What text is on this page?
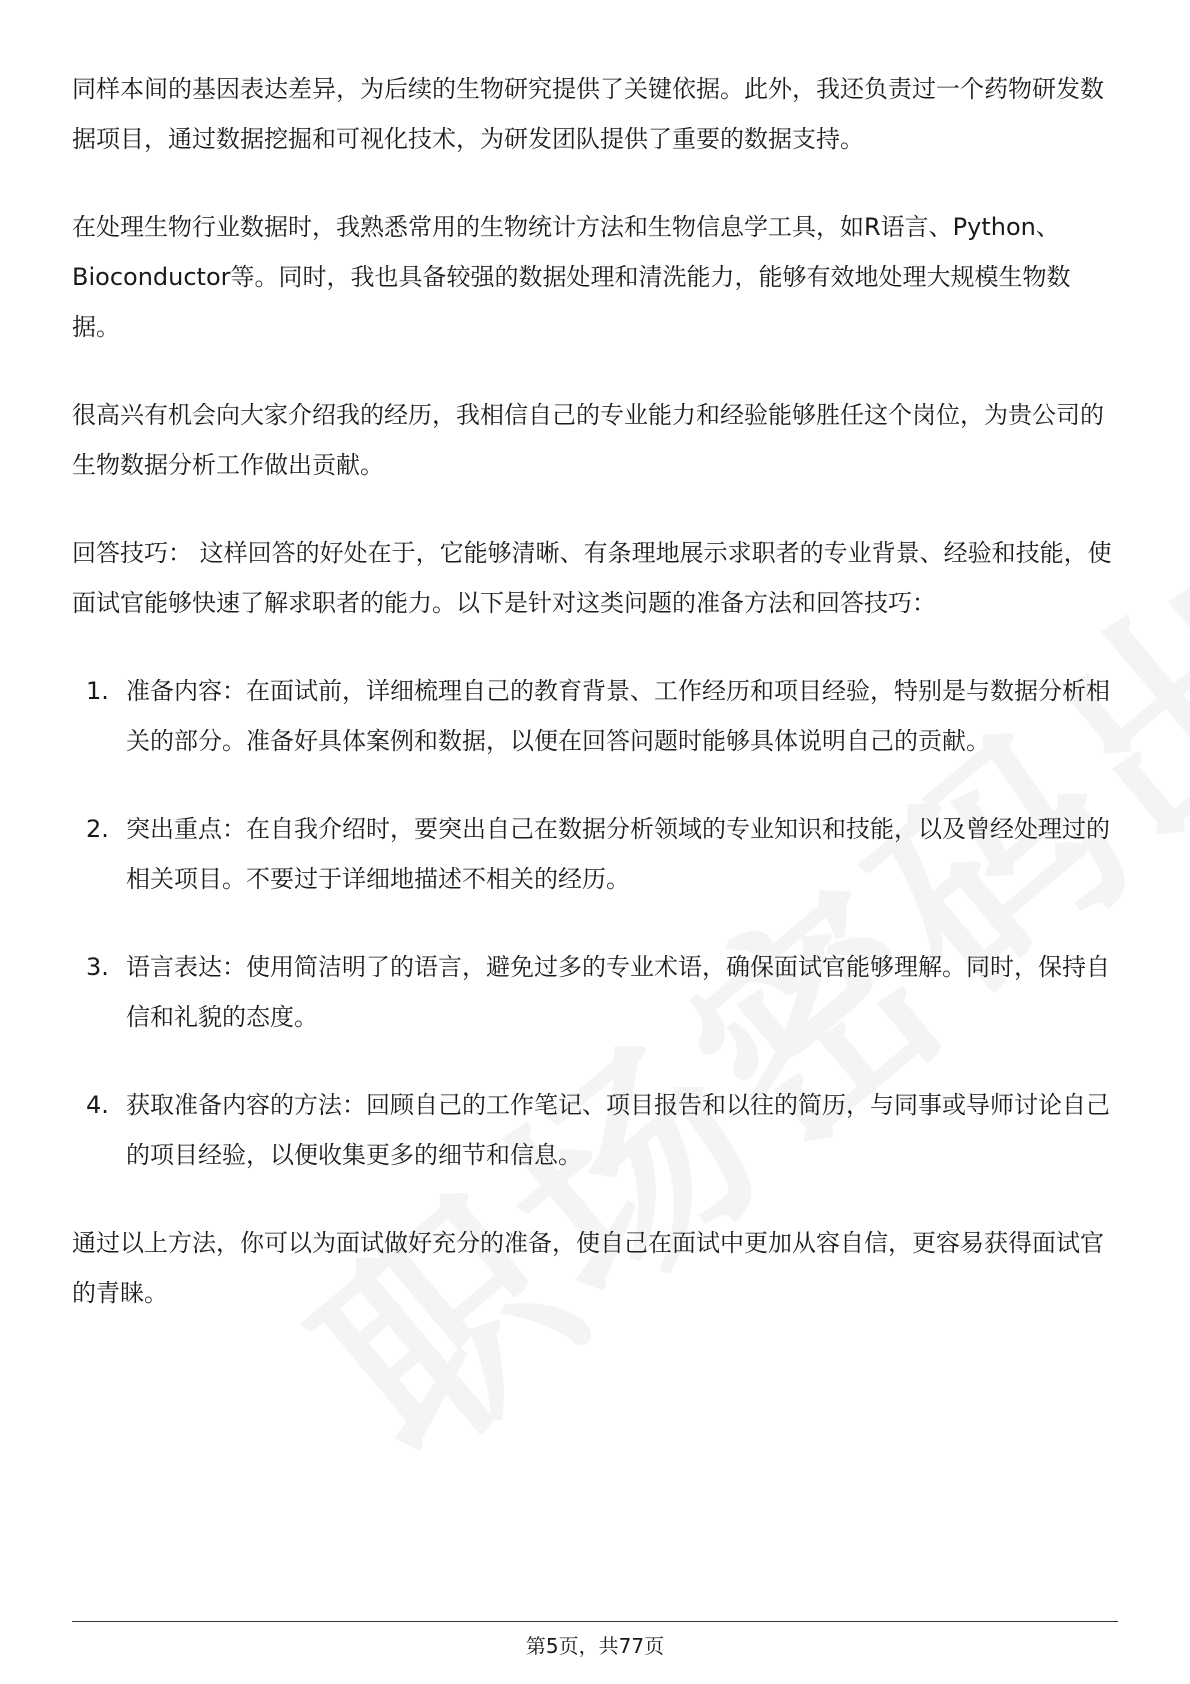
同样本间的基因表达差异，为后续的生物研究提供了关键依据。此外，我还负责过一个药物研发数据项目，通过数据挖掘和可视化技术，为研发团队提供了重要的数据支持。

在处理生物行业数据时，我熟悉常用的生物统计方法和生物信息学工具，如R语言、Python、Bioconductor等。同时，我也具备较强的数据处理和清洗能力，能够有效地处理大规模生物数据。

很高兴有机会向大家介绍我的经历，我相信自己的专业能力和经验能够胜任这个岗位，为贵公司的生物数据分析工作做出贡献。

回答技巧： 这样回答的好处在于，它能够清晰、有条理地展示求职者的专业背景、经验和技能，使面试官能够快速了解求职者的能力。以下是针对这类问题的准备方法和回答技巧：

1. 准备内容：在面试前，详细梳理自己的教育背景、工作经历和项目经验，特别是与数据分析相关的部分。准备好具体案例和数据，以便在回答问题时能够具体说明自己的贡献。
2. 突出重点：在自我介绍时，要突出自己在数据分析领域的专业知识和技能，以及曾经处理过的相关项目。不要过于详细地描述不相关的经历。
3. 语言表达：使用简洁明了的语言，避免过多的专业术语，确保面试官能够理解。同时，保持自信和礼貌的态度。
4. 获取准备内容的方法：回顾自己的工作笔记、项目报告和以往的简历，与同事或导师讨论自己的项目经验，以便收集更多的细节和信息。

通过以上方法，你可以为面试做好充分的准备，使自己在面试中更加从容自信，更容易获得面试官的青睐。

第5页，共77页
